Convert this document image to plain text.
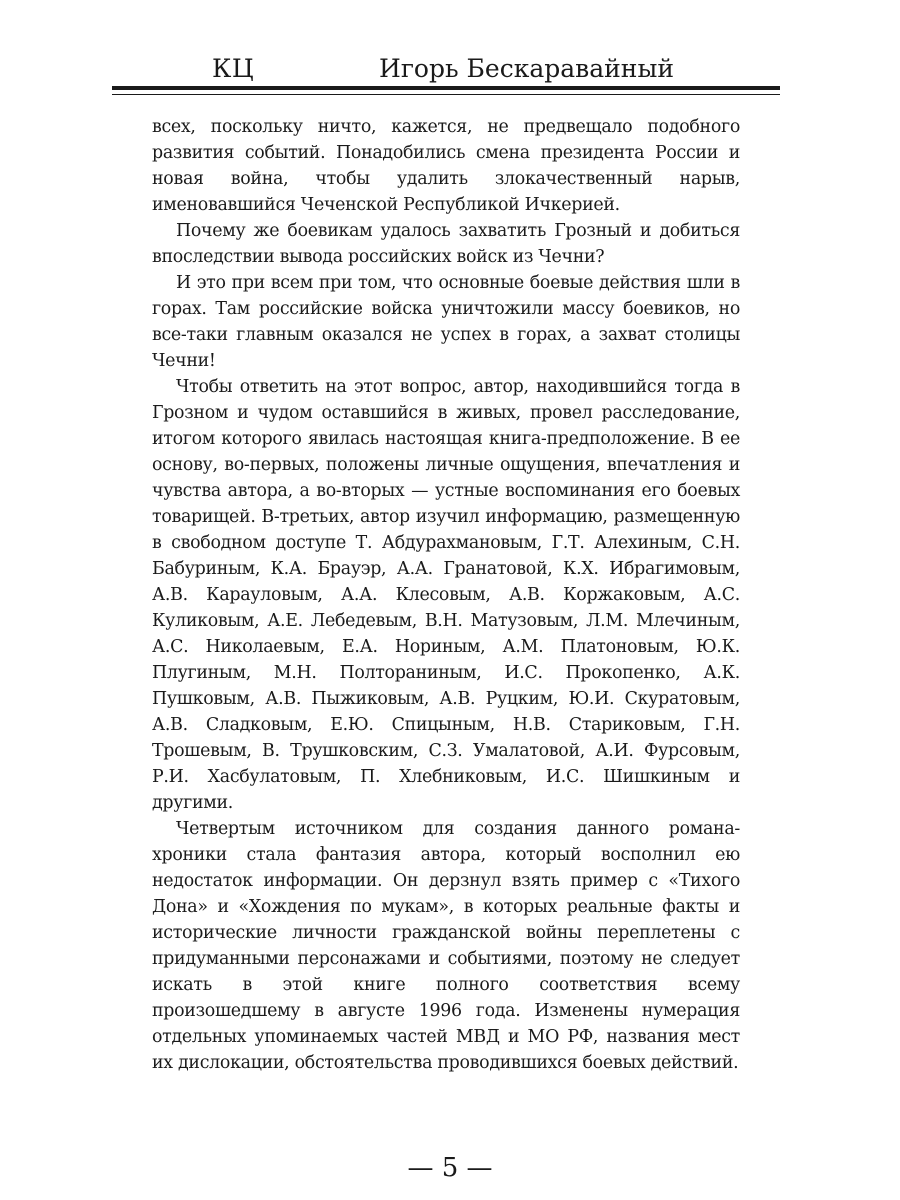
КЦ	Игорь Бескаравайный

всех, поскольку ничто, кажется, не предвещало подобного развития событий. Понадобились смена президента России и новая война, чтобы удалить злокачественный нарыв, именовавшийся Чеченской Республикой Ичкерией.

Почему же боевикам удалось захватить Грозный и добиться впоследствии вывода российских войск из Чечни?

И это при всем при том, что основные боевые действия шли в горах. Там российские войска уничтожили массу боевиков, но все-таки главным оказался не успех в горах, а захват столицы Чечни!

Чтобы ответить на этот вопрос, автор, находившийся тогда в Грозном и чудом оставшийся в живых, провел расследование, итогом которого явилась настоящая книга-предположение. В ее основу, во-первых, положены личные ощущения, впечатления и чувства автора, а во-вторых — устные воспоминания его боевых товарищей. В-третьих, автор изучил информацию, размещенную в свободном доступе Т. Абдурахмановым, Г.Т. Алехиным, С.Н. Бабуриным, К.А. Брауэр, А.А. Гранатовой, К.Х. Ибрагимовым, А.В. Карауловым, А.А. Клесовым, А.В. Коржаковым, А.С. Куликовым, А.Е. Лебедевым, В.Н. Матузовым, Л.М. Млечиным, А.С. Николаевым, Е.А. Нориным, А.М. Платоновым, Ю.К. Плугиным, М.Н. Полтораниным, И.С. Прокопенко, А.К. Пушковым, А.В. Пыжиковым, А.В. Руцким, Ю.И. Скуратовым, А.В. Сладковым, Е.Ю. Спицыным, Н.В. Стариковым, Г.Н. Трошевым, В. Трушковским, С.З. Умалатовой, А.И. Фурсовым, Р.И. Хасбулатовым, П. Хлебниковым, И.С. Шишкиным и другими.

Четвертым источником для создания данного романа-хроники стала фантазия автора, который восполнил ею недостаток информации. Он дерзнул взять пример с «Тихого Дона» и «Хождения по мукам», в которых реальные факты и исторические личности гражданской войны переплетены с придуманными персонажами и событиями, поэтому не следует искать в этой книге полного соответствия всему произошедшему в августе 1996 года. Изменены нумерация отдельных упоминаемых частей МВД и МО РФ, названия мест их дислокации, обстоятельства проводившихся боевых действий.

— 5 —
